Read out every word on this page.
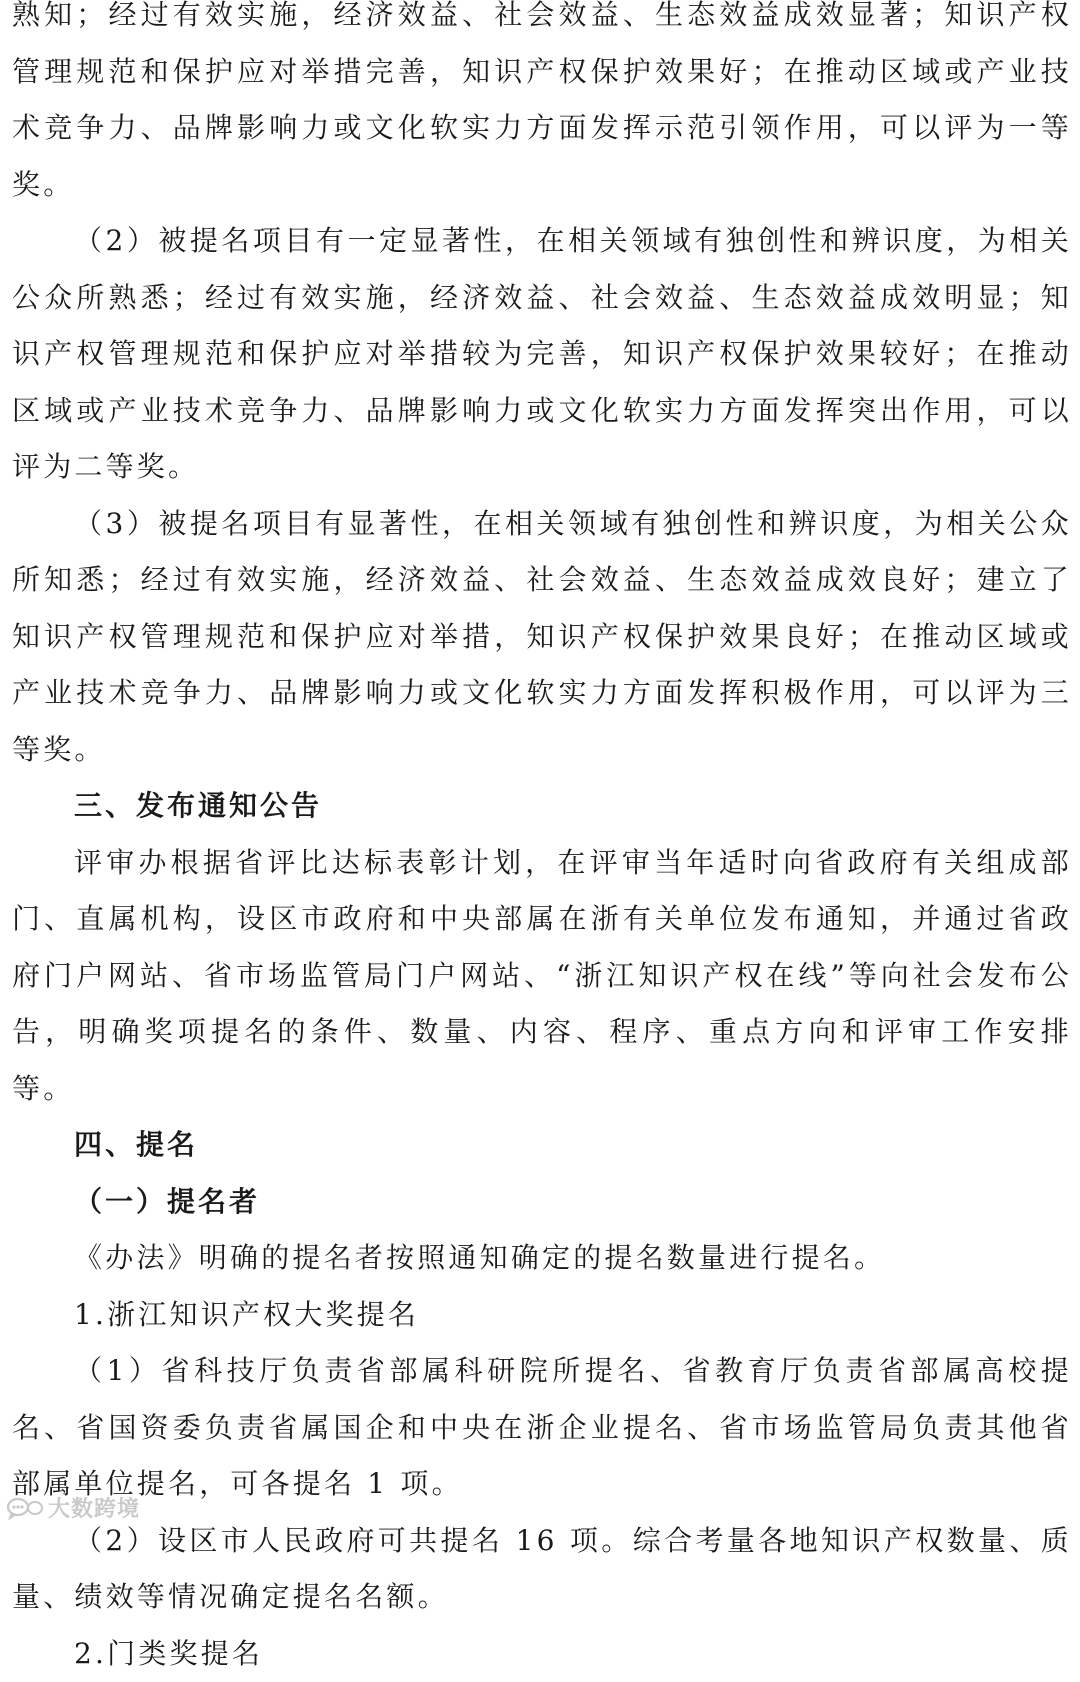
熟知；经过有效实施，经济效益、社会效益、生态效益成效显著；知识产权管理规范和保护应对举措完善，知识产权保护效果好；在推动区域或产业技术竞争力、品牌影响力或文化软实力方面发挥示范引领作用，可以评为一等奖。

（2）被提名项目有一定显著性，在相关领域有独创性和辨识度，为相关公众所熟悉；经过有效实施，经济效益、社会效益、生态效益成效明显；知识产权管理规范和保护应对举措较为完善，知识产权保护效果较好；在推动区域或产业技术竞争力、品牌影响力或文化软实力方面发挥突出作用，可以评为二等奖。

（3）被提名项目有显著性，在相关领域有独创性和辨识度，为相关公众所知悉；经过有效实施，经济效益、社会效益、生态效益成效良好；建立了知识产权管理规范和保护应对举措，知识产权保护效果良好；在推动区域或产业技术竞争力、品牌影响力或文化软实力方面发挥积极作用，可以评为三等奖。

三、发布通知公告

评审办根据省评比达标表彰计划，在评审当年适时向省政府有关组成部门、直属机构，设区市政府和中央部属在浙有关单位发布通知，并通过省政府门户网站、省市场监管局门户网站、“浙江知识产权在线”等向社会发布公告，明确奖项提名的条件、数量、内容、程序、重点方向和评审工作安排等。

四、提名
（一）提名者

《办法》明确的提名者按照通知确定的提名数量进行提名。

1.浙江知识产权大奖提名

（1）省科技厅负责省部属科研院所提名、省教育厅负责省部属高校提名、省国资委负责省属国企和中央在浙企业提名、省市场监管局负责其他省部属单位提名，可各提名 1 项。

（2）设区市人民政府可共提名 16 项。综合考量各地知识产权数量、质量、绩效等情况确定提名名额。

2.门类奖提名

大数跨境
